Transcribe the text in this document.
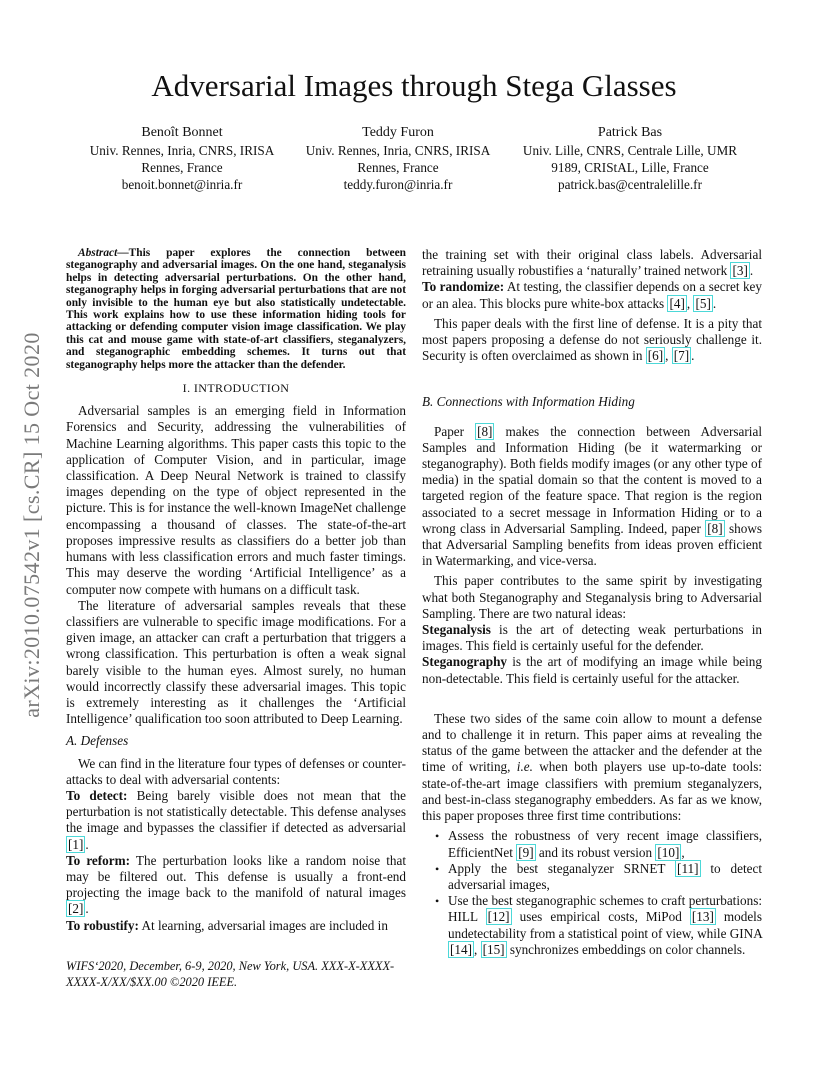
Adversarial Images through Stega Glasses
Benoît Bonnet
Univ. Rennes, Inria, CNRS, IRISA
Rennes, France
benoit.bonnet@inria.fr
Teddy Furon
Univ. Rennes, Inria, CNRS, IRISA
Rennes, France
teddy.furon@inria.fr
Patrick Bas
Univ. Lille, CNRS, Centrale Lille, UMR
9189, CRIStAL, Lille, France
patrick.bas@centralelille.fr
arXiv:2010.07542v1 [cs.CR] 15 Oct 2020

Abstract—This paper explores the connection between steganography and adversarial images. On the one hand, steganalysis helps in detecting adversarial perturbations. On the other hand, steganography helps in forging adversarial perturbations that are not only invisible to the human eye but also statistically undetectable. This work explains how to use these information hiding tools for attacking or defending computer vision image classification. We play this cat and mouse game with state-of-art classifiers, steganalyzers, and steganographic embedding schemes. It turns out that steganography helps more the attacker than the defender.

I. INTRODUCTION

Adversarial samples is an emerging field in Information Forensics and Security, addressing the vulnerabilities of Machine Learning algorithms. This paper casts this topic to the application of Computer Vision, and in particular, image classification. A Deep Neural Network is trained to classify images depending on the type of object represented in the picture. This is for instance the well-known ImageNet challenge encompassing a thousand of classes. The state-of-the-art proposes impressive results as classifiers do a better job than humans with less classification errors and much faster timings. This may deserve the wording ‘Artificial Intelligence’ as a computer now compete with humans on a difficult task.

The literature of adversarial samples reveals that these classifiers are vulnerable to specific image modifications. For a given image, an attacker can craft a perturbation that triggers a wrong classification. This perturbation is often a weak signal barely visible to the human eyes. Almost surely, no human would incorrectly classify these adversarial images. This topic is extremely interesting as it challenges the ‘Artificial Intelligence’ qualification too soon attributed to Deep Learning.

A. Defenses

We can find in the literature four types of defenses or counter-attacks to deal with adversarial contents:

To detect: Being barely visible does not mean that the perturbation is not statistically detectable. This defense analyses the image and bypasses the classifier if detected as adversarial [1] .

To reform: The perturbation looks like a random noise that may be filtered out. This defense is usually a front-end projecting the image back to the manifold of natural images [2] .

To robustify: At learning, adversarial images are included in

WIFS‘2020, December, 6-9, 2020, New York, USA. XXX-X-XXXX-XXXX-X/XX/$XX.00 ©2020 IEEE.

the training set with their original class labels. Adversarial retraining usually robustifies a ‘naturally’ trained network [3] .

To randomize: At testing, the classifier depends on a secret key or an alea. This blocks pure white-box attacks [4] , [5] .

This paper deals with the first line of defense. It is a pity that most papers proposing a defense do not seriously challenge it. Security is often overclaimed as shown in [6] , [7] .

B. Connections with Information Hiding

Paper [8] makes the connection between Adversarial Samples and Information Hiding (be it watermarking or steganography). Both fields modify images (or any other type of media) in the spatial domain so that the content is moved to a targeted region of the feature space. That region is the region associated to a secret message in Information Hiding or to a wrong class in Adversarial Sampling. Indeed, paper [8] shows that Adversarial Sampling benefits from ideas proven efficient in Watermarking, and vice-versa.

This paper contributes to the same spirit by investigating what both Steganography and Steganalysis bring to Adversarial Sampling. There are two natural ideas:

Steganalysis is the art of detecting weak perturbations in images. This field is certainly useful for the defender.

Steganography is the art of modifying an image while being non-detectable. This field is certainly useful for the attacker.

These two sides of the same coin allow to mount a defense and to challenge it in return. This paper aims at revealing the status of the game between the attacker and the defender at the time of writing, i.e. when both players use up-to-date tools: state-of-the-art image classifiers with premium steganalyzers, and best-in-class steganography embedders. As far as we know, this paper proposes three first time contributions:

• Assess the robustness of very recent image classifiers, EfficientNet [9] and its robust version [10] ,
• Apply the best steganalyzer SRNET [11] to detect adversarial images,
• Use the best steganographic schemes to craft perturbations: HILL [12] uses empirical costs, MiPod [13] models undetectability from a statistical point of view, while GINA [14] , [15] synchronizes embeddings on color channels.
